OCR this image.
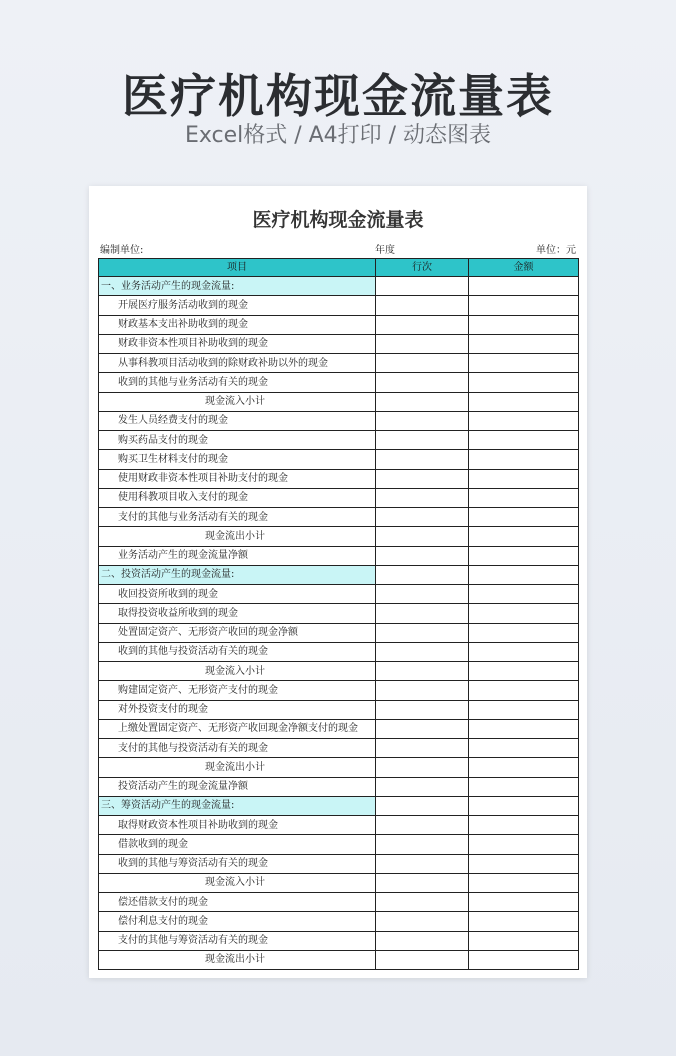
医疗机构现金流量表
Excel格式 / A4打印 / 动态图表
医疗机构现金流量表
编制单位:	年度	单位：元
项目	行次	金额
一、业务活动产生的现金流量:		
开展医疗服务活动收到的现金		
财政基本支出补助收到的现金		
财政非资本性项目补助收到的现金		
从事科教项目活动收到的除财政补助以外的现金		
收到的其他与业务活动有关的现金		
现金流入小计		
发生人员经费支付的现金		
购买药品支付的现金		
购买卫生材料支付的现金		
使用财政非资本性项目补助支付的现金		
使用科教项目收入支付的现金		
支付的其他与业务活动有关的现金		
现金流出小计		
业务活动产生的现金流量净额		
二、投资活动产生的现金流量:		
收回投资所收到的现金		
取得投资收益所收到的现金		
处置固定资产、无形资产收回的现金净额		
收到的其他与投资活动有关的现金		
现金流入小计		
购建固定资产、无形资产支付的现金		
对外投资支付的现金		
上缴处置固定资产、无形资产收回现金净额支付的现金		
支付的其他与投资活动有关的现金		
现金流出小计		
投资活动产生的现金流量净额		
三、筹资活动产生的现金流量:		
取得财政资本性项目补助收到的现金		
借款收到的现金		
收到的其他与筹资活动有关的现金		
现金流入小计		
偿还借款支付的现金		
偿付利息支付的现金		
支付的其他与筹资活动有关的现金		
现金流出小计		
